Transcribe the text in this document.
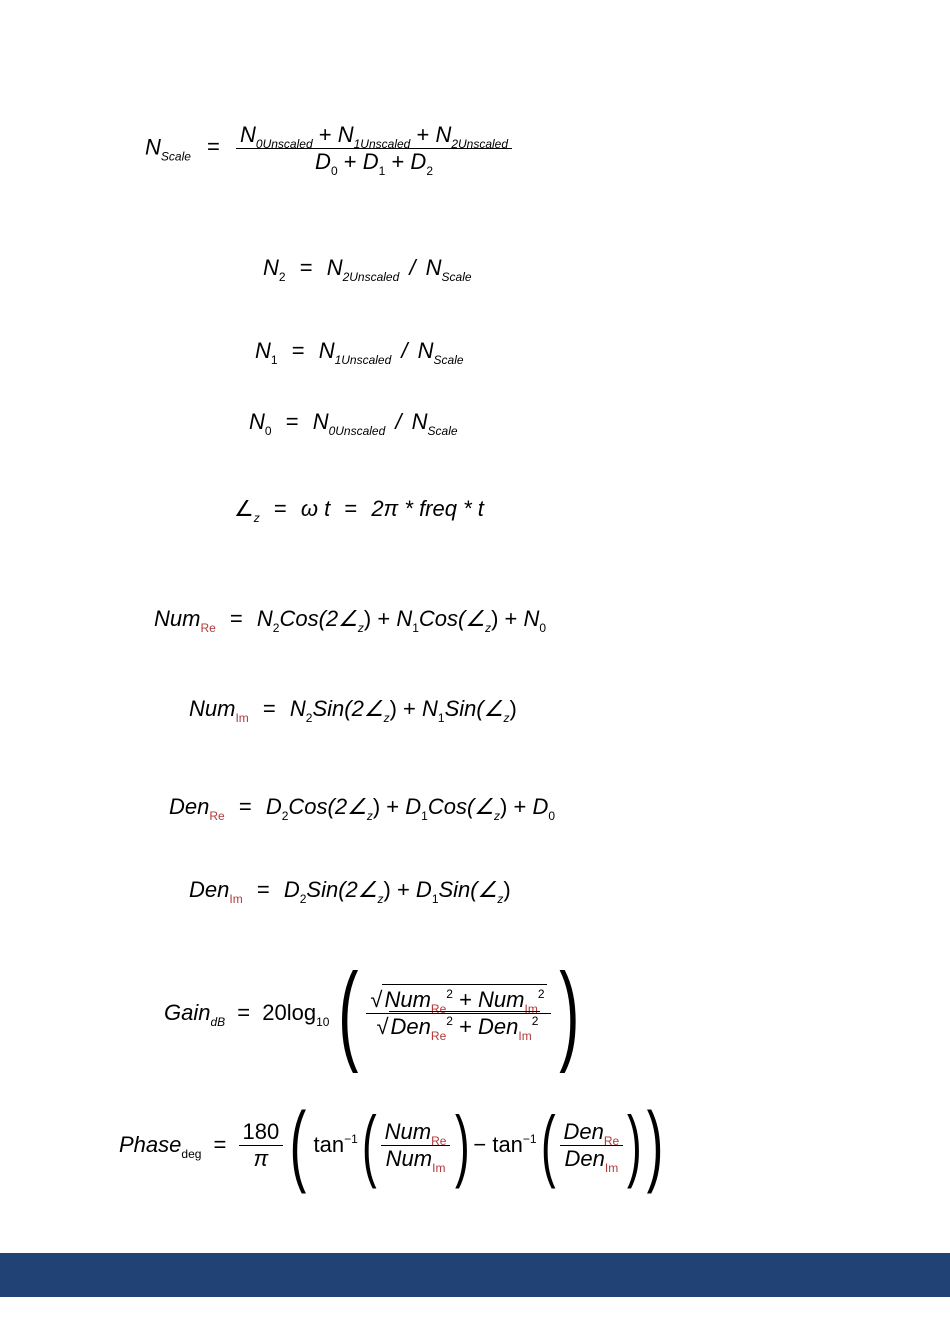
$N_{Scale} = \frac{N_{0Unscaled} + N_{1Unscaled} + N_{2Unscaled}}{D_0 + D_1 + D_2}$
$N_2 = N_{2Unscaled} / N_{Scale}$
$N_1 = N_{1Unscaled} / N_{Scale}$
$N_0 = N_{0Unscaled} / N_{Scale}$
$\angle_z = \omega$ t = 2π * freq * t
$Num_{Re} = N_2Cos(2\angle_z)$ + $N_1Cos(\angle_z) + N_0$
$Num_{Im} = N_2Sin(2\angle_z)$ + $N_1Sin(\angle_z)$
$Den_{Re} = D_2Cos(2\angle_z)$ + $D_1Cos(\angle_z) + D_0$
$Den_{Im} = D_2Sin(2\angle_z)$ + $D_1Sin(\angle_z)$
Gain$_{dB}$ = $20\log_{10}$ ( $\frac{√Num_{Re}^2 + Num_{Im}^2}{√Den_{Re}^2 + Den_{Im}^2}$ )
Phase$_{deg}$ = $\frac{180}{\pi}$ ( $\tan^{-1}$ ( $\frac{Num_{Re}}{Num_{Im}}$ ) − $\tan^{-1}$ ( $\frac{Den_{Re}}{Den_{Im}}$ ) )
